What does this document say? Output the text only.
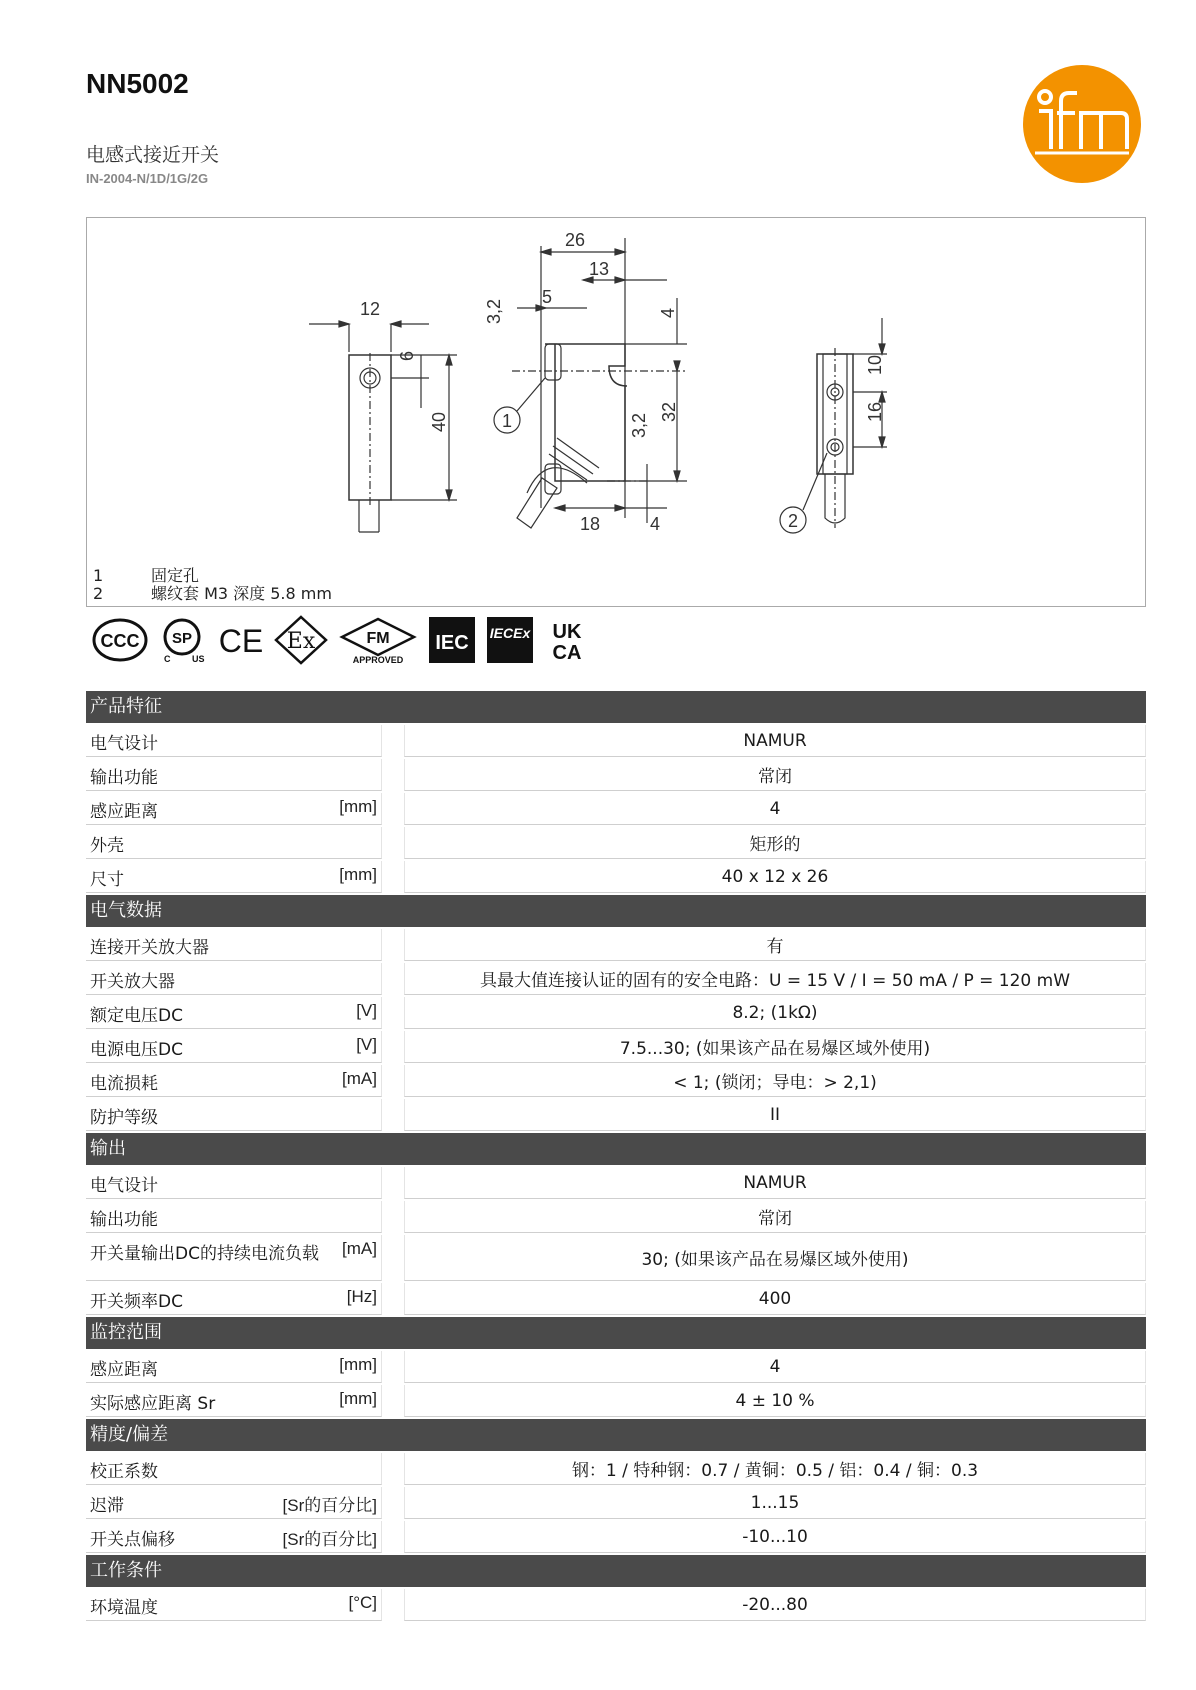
NN5002
电感式接近开关
IN-2004-N/1D/1G/2G
12
6
40
26
13
5
3,2	4
32
3,2
18	4
1
10
16
2
1	固定孔
2	螺纹套 M3 深度 5.8 mm
CCC SP
C US CE Ex	FM
APPROVED
IEC IECEx UK
CA
产品特征
电气设计	NAMUR
输出功能	常闭
感应距离	[mm]	4
外壳	矩形的
尺寸	[mm]	40 x 12 x 26
电气数据
连接开关放大器	有
开关放大器	具最大值连接认证的固有的安全电路：U = 15 V / I = 50 mA / P = 120 mW
额定电压DC	[V]	8.2; (1kΩ)
电源电压DC	[V]	7.5...30; (如果该产品在易爆区域外使用)
电流损耗	[mA]	< 1; (锁闭；导电：> 2,1)
防护等级	II
输出
电气设计	NAMUR
输出功能	常闭
开关量输出DC的持续电流负载	[mA]
30; (如果该产品在易爆区域外使用)
开关频率DC	[Hz]	400
监控范围
感应距离	[mm]	4
实际感应距离 Sr	[mm]	4 ± 10 %
精度/偏差
校正系数	钢：1 / 特种钢：0.7 / 黄铜：0.5 / 铝：0.4 / 铜：0.3
迟滞	[Sr的百分比]	1...15
开关点偏移	[Sr的百分比]	-10...10
工作条件
环境温度	[°C]	-20...80
